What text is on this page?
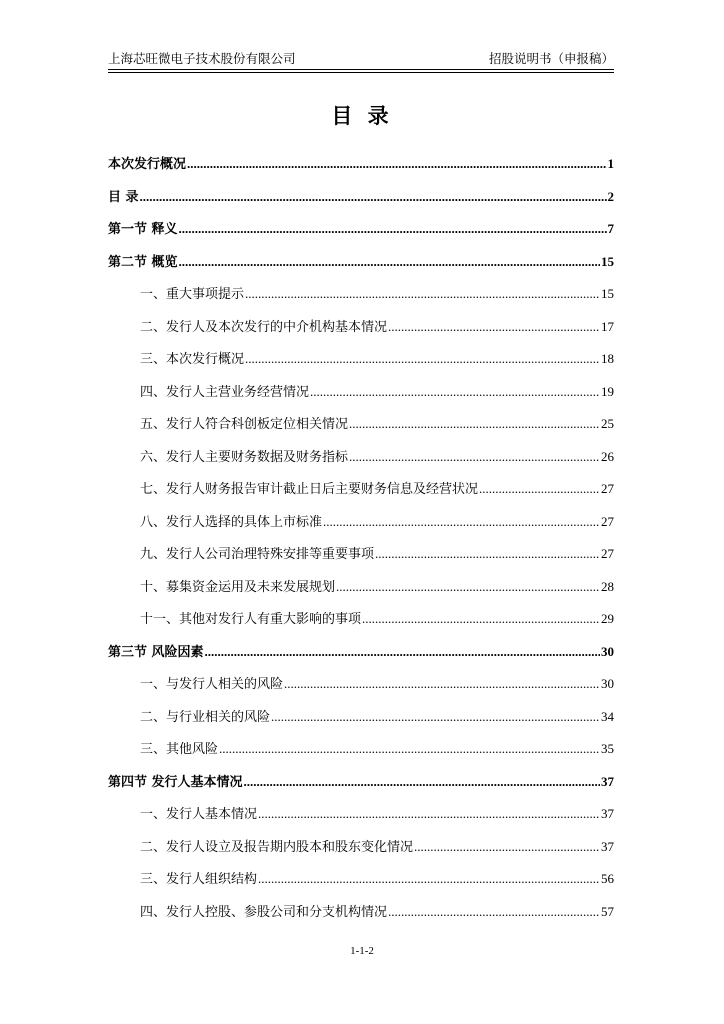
上海芯旺微电子技术股份有限公司	招股说明书（申报稿）
目 录
本次发行概况 .....	1
目 录 .....	2
第一节 释义 .....	7
第二节 概览 .....	15
一、重大事项提示 .....	15
二、发行人及本次发行的中介机构基本情况 .....	17
三、本次发行概况 .....	18
四、发行人主营业务经营情况 .....	19
五、发行人符合科创板定位相关情况 .....	25
六、发行人主要财务数据及财务指标 .....	26
七、发行人财务报告审计截止日后主要财务信息及经营状况 .....	27
八、发行人选择的具体上市标准 .....	27
九、发行人公司治理特殊安排等重要事项 .....	27
十、募集资金运用及未来发展规划 .....	28
十一、其他对发行人有重大影响的事项 .....	29
第三节 风险因素 .....	30
一、与发行人相关的风险 .....	30
二、与行业相关的风险 .....	34
三、其他风险 .....	35
第四节 发行人基本情况 .....	37
一、发行人基本情况 .....	37
二、发行人设立及报告期内股本和股东变化情况 .....	37
三、发行人组织结构 .....	56
四、发行人控股、参股公司和分支机构情况 .....	57
1-1-2
